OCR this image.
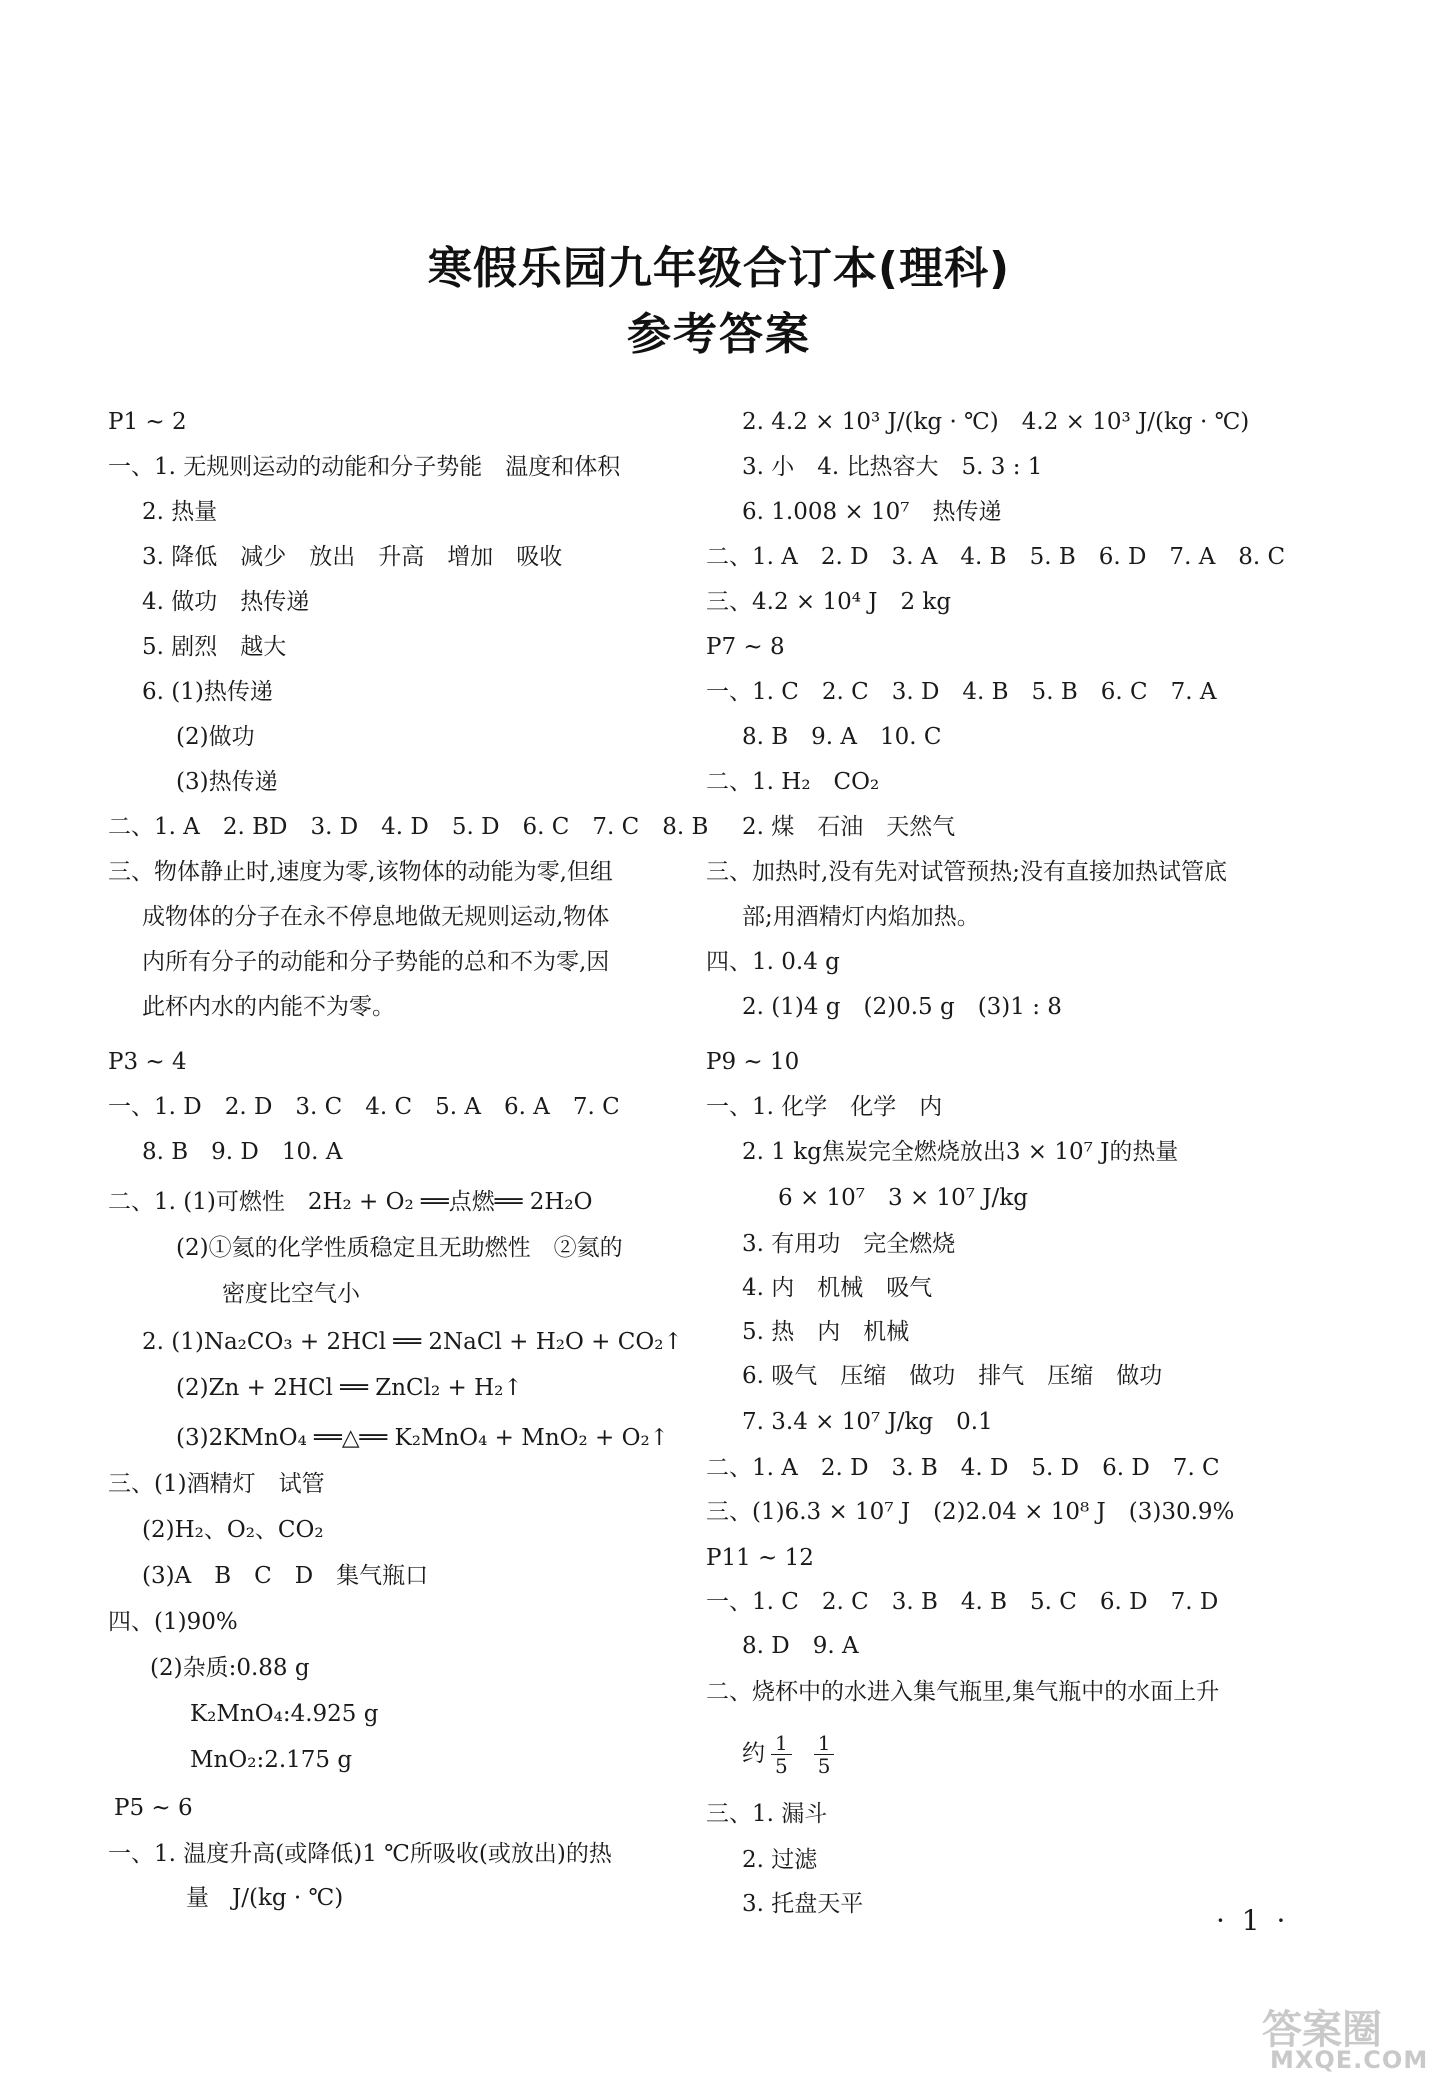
寒假乐园九年级合订本(理科)
参考答案
P1 ~ 2
一、1. 无规则运动的动能和分子势能　温度和体积
2. 热量
3. 降低　减少　放出　升高　增加　吸收
4. 做功　热传递
5. 剧烈　越大
6. (1)热传递
(2)做功
(3)热传递
二、1. A　2. BD　3. D　4. D　5. D　6. C　7. C　8. B
三、物体静止时,速度为零,该物体的动能为零,但组
成物体的分子在永不停息地做无规则运动,物体
内所有分子的动能和分子势能的总和不为零,因
此杯内水的内能不为零。
P3 ~ 4
一、1. D　2. D　3. C　4. C　5. A　6. A　7. C
8. B　9. D　10. A
二、1. (1)可燃性　2H₂ + O₂ ══点燃══ 2H₂O
(2)①氦的化学性质稳定且无助燃性　②氦的
密度比空气小
2. (1)Na₂CO₃ + 2HCl ══ 2NaCl + H₂O + CO₂↑
(2)Zn + 2HCl ══ ZnCl₂ + H₂↑
(3)2KMnO₄ ══△══ K₂MnO₄ + MnO₂ + O₂↑
三、(1)酒精灯　试管
(2)H₂、O₂、CO₂
(3)A　B　C　D　集气瓶口
四、(1)90%
(2)杂质:0.88 g
K₂MnO₄:4.925 g
MnO₂:2.175 g
P5 ~ 6
一、1. 温度升高(或降低)1 ℃所吸收(或放出)的热
量　J/(kg · ℃)
2. 4.2 × 10³ J/(kg · ℃)　4.2 × 10³ J/(kg · ℃)
3. 小　4. 比热容大　5. 3 : 1
6. 1.008 × 10⁷　热传递
二、1. A　2. D　3. A　4. B　5. B　6. D　7. A　8. C
三、4.2 × 10⁴ J　2 kg
P7 ~ 8
一、1. C　2. C　3. D　4. B　5. B　6. C　7. A
8. B　9. A　10. C
二、1. H₂　CO₂
2. 煤　石油　天然气
三、加热时,没有先对试管预热;没有直接加热试管底
部;用酒精灯内焰加热。
四、1. 0.4 g
2. (1)4 g　(2)0.5 g　(3)1 : 8
P9 ~ 10
一、1. 化学　化学　内
2. 1 kg焦炭完全燃烧放出3 × 10⁷ J的热量
6 × 10⁷　3 × 10⁷ J/kg
3. 有用功　完全燃烧
4. 内　机械　吸气
5. 热　内　机械
6. 吸气　压缩　做功　排气　压缩　做功
7. 3.4 × 10⁷ J/kg　0.1
二、1. A　2. D　3. B　4. D　5. D　6. D　7. C
三、(1)6.3 × 10⁷ J　(2)2.04 × 10⁸ J　(3)30.9%
P11 ~ 12
一、1. C　2. C　3. B　4. B　5. C　6. D　7. D
8. D　9. A
二、烧杯中的水进入集气瓶里,集气瓶中的水面上升
约 $\frac{1}{5} \frac{1}{5}$
三、1. 漏斗
2. 过滤
3. 托盘天平	· 1 ·
答案圈
MXQE.COM
